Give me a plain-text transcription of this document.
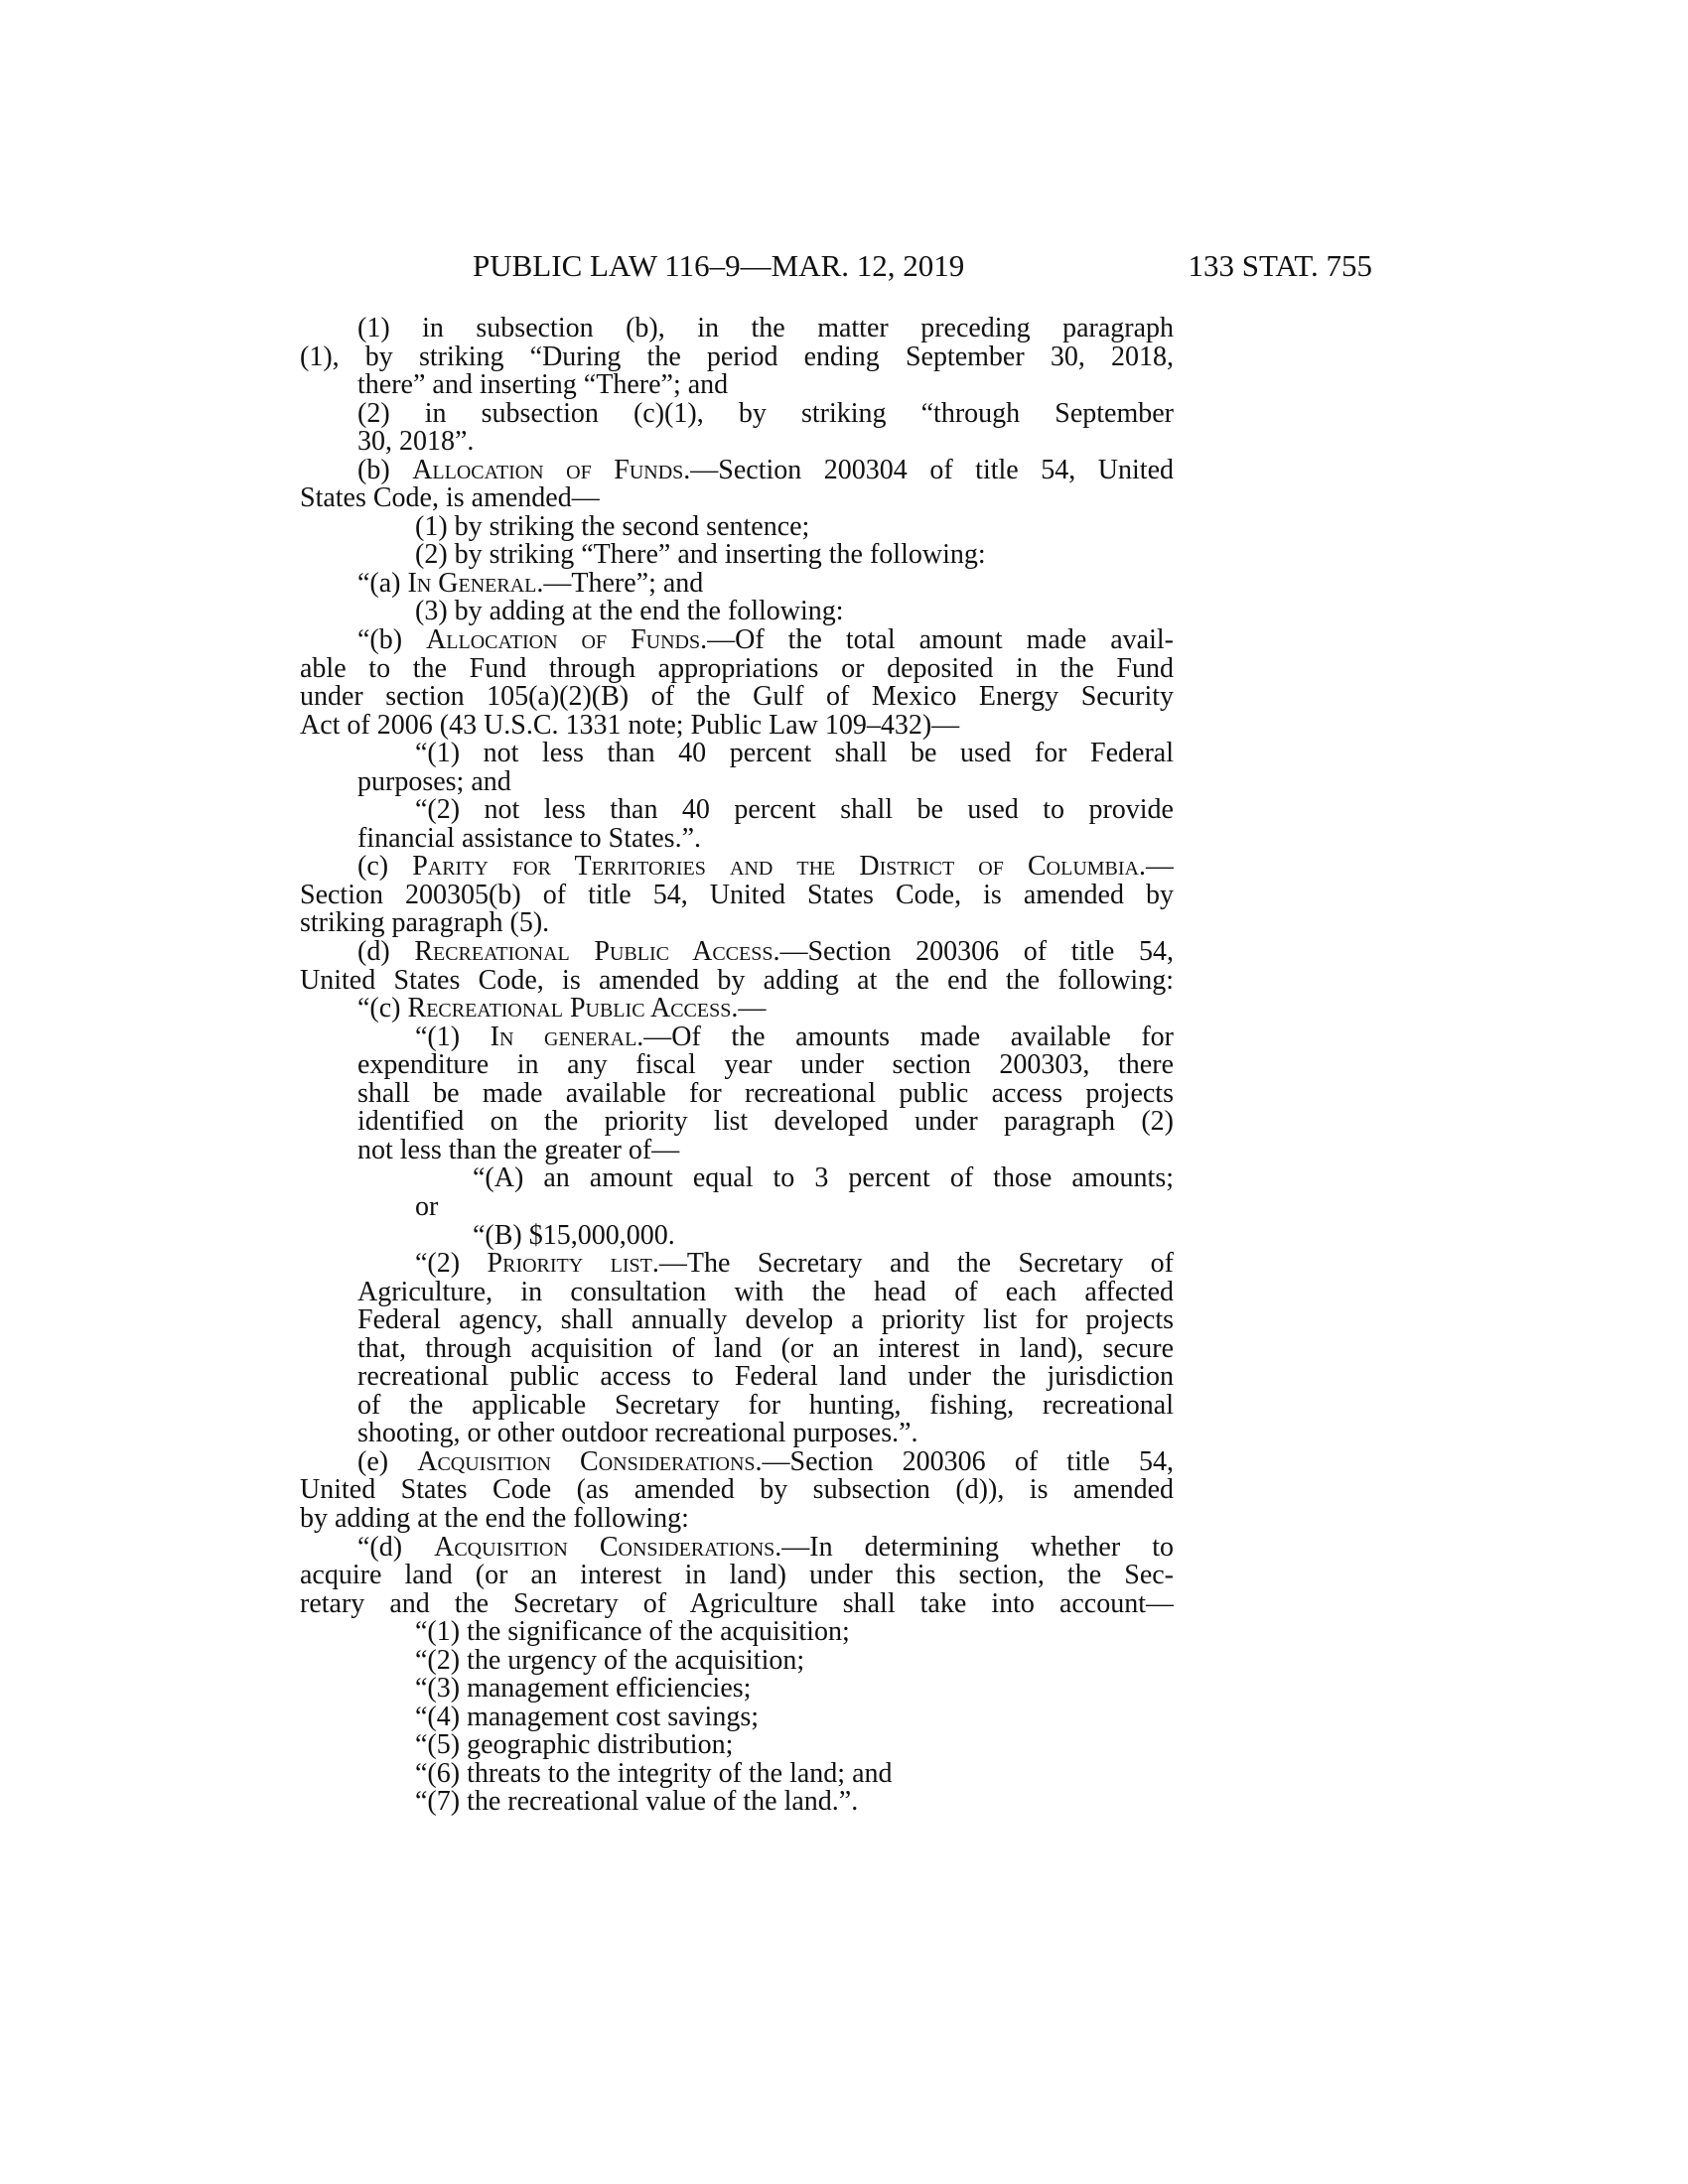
PUBLIC LAW 116–9—MAR. 12, 2019	133 STAT. 755
(1) in subsection (b), in the matter preceding paragraph
(1), by striking “During the period ending September 30, 2018,
there” and inserting “There”; and
(2) in subsection (c)(1), by striking “through September
30, 2018”.
(b) Allocation of Funds.—Section 200304 of title 54, United
States Code, is amended—
(1) by striking the second sentence;
(2) by striking “There” and inserting the following:
“(a) In General.—There”; and
(3) by adding at the end the following:
“(b) Allocation of Funds.—Of the total amount made avail-
able to the Fund through appropriations or deposited in the Fund
under section 105(a)(2)(B) of the Gulf of Mexico Energy Security
Act of 2006 (43 U.S.C. 1331 note; Public Law 109–432)—
“(1) not less than 40 percent shall be used for Federal
purposes; and
“(2) not less than 40 percent shall be used to provide
financial assistance to States.”.
(c) Parity for Territories and the District of Columbia.—
Section 200305(b) of title 54, United States Code, is amended by
striking paragraph (5).
(d) Recreational Public Access.—Section 200306 of title 54,
United States Code, is amended by adding at the end the following:
“(c) Recreational Public Access.—
“(1) In general.—Of the amounts made available for
expenditure in any fiscal year under section 200303, there
shall be made available for recreational public access projects
identified on the priority list developed under paragraph (2)
not less than the greater of—
“(A) an amount equal to 3 percent of those amounts;
or
“(B) $15,000,000.
“(2) Priority list.—The Secretary and the Secretary of
Agriculture, in consultation with the head of each affected
Federal agency, shall annually develop a priority list for projects
that, through acquisition of land (or an interest in land), secure
recreational public access to Federal land under the jurisdiction
of the applicable Secretary for hunting, fishing, recreational
shooting, or other outdoor recreational purposes.”.
(e) Acquisition Considerations.—Section 200306 of title 54,
United States Code (as amended by subsection (d)), is amended
by adding at the end the following:
“(d) Acquisition Considerations.—In determining whether to
acquire land (or an interest in land) under this section, the Sec-
retary and the Secretary of Agriculture shall take into account—
“(1) the significance of the acquisition;
“(2) the urgency of the acquisition;
“(3) management efficiencies;
“(4) management cost savings;
“(5) geographic distribution;
“(6) threats to the integrity of the land; and
“(7) the recreational value of the land.”.
